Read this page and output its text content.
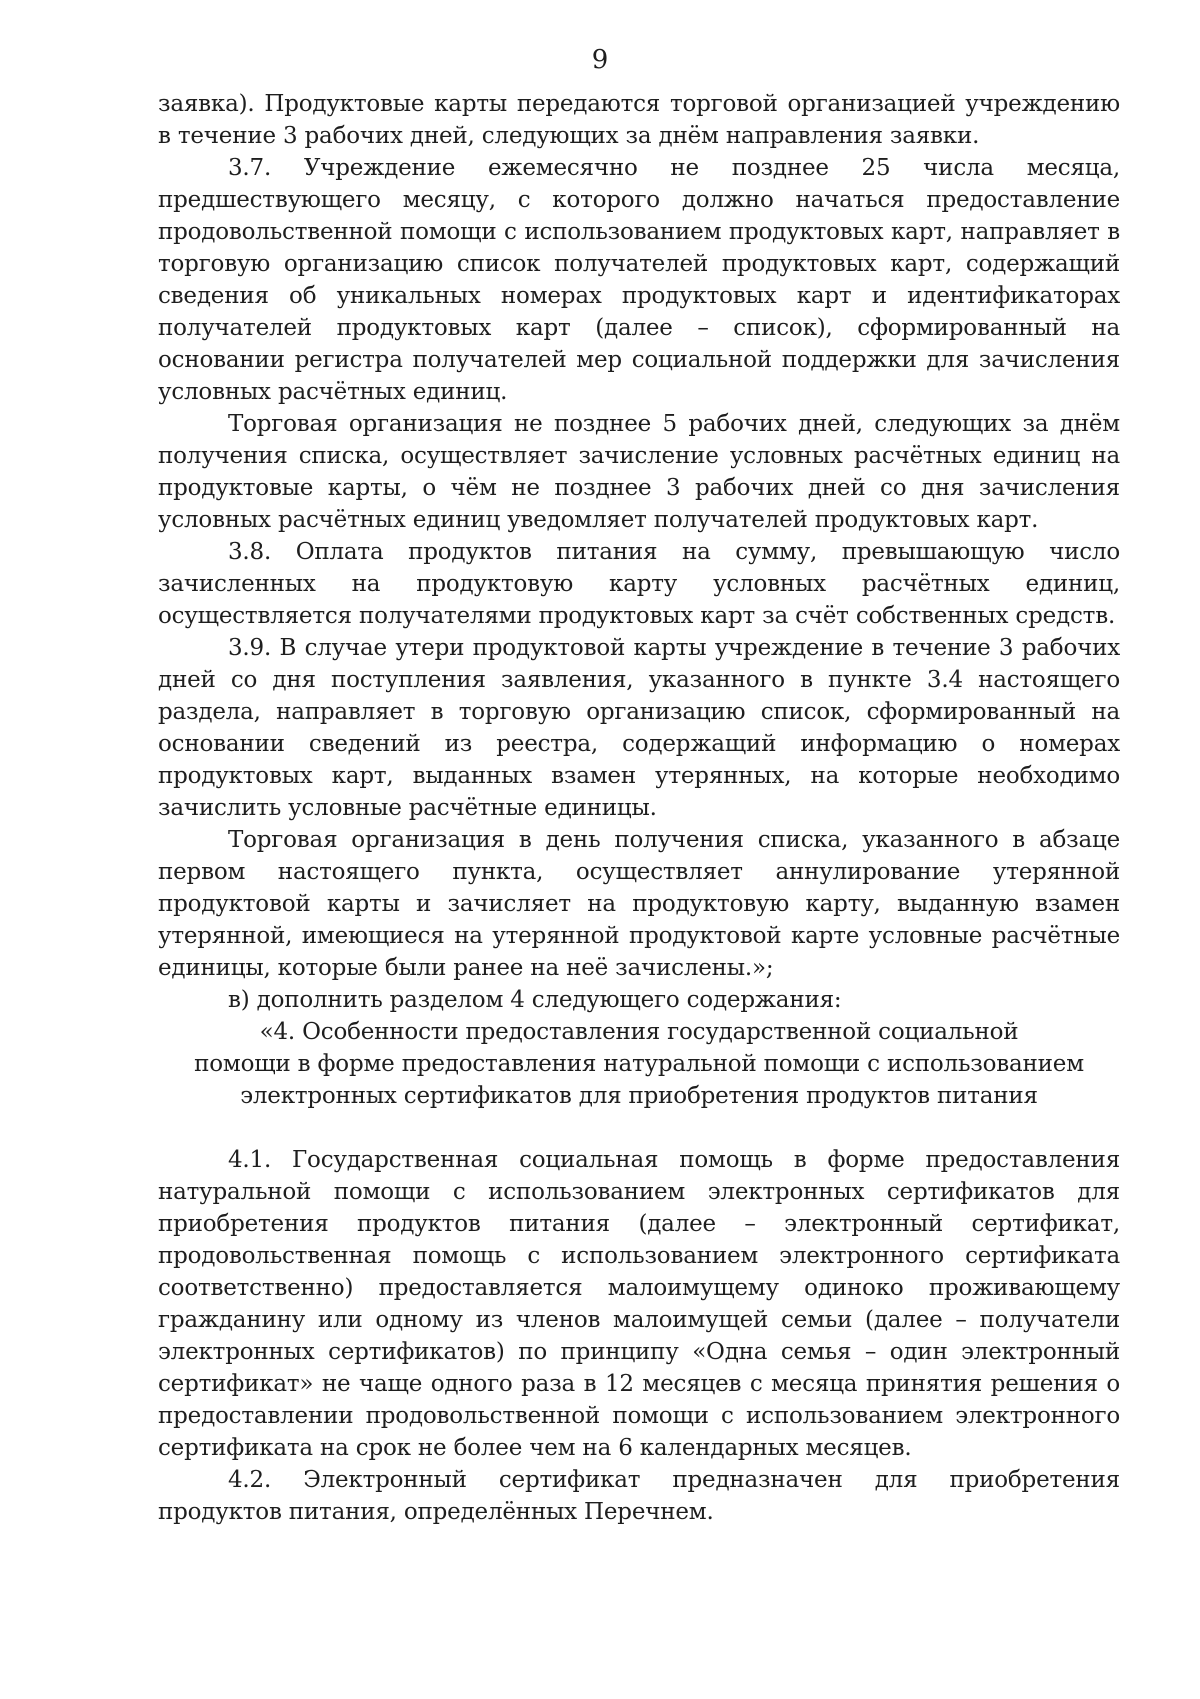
9

заявка). Продуктовые карты передаются торговой организацией учреждению в течение 3 рабочих дней, следующих за днём направления заявки.

3.7. Учреждение ежемесячно не позднее 25 числа месяца, предшествующего месяцу, с которого должно начаться предоставление продовольственной помощи с использованием продуктовых карт, направляет в торговую организацию список получателей продуктовых карт, содержащий сведения об уникальных номерах продуктовых карт и идентификаторах получателей продуктовых карт (далее – список), сформированный на основании регистра получателей мер социальной поддержки для зачисления условных расчётных единиц.

Торговая организация не позднее 5 рабочих дней, следующих за днём получения списка, осуществляет зачисление условных расчётных единиц на продуктовые карты, о чём не позднее 3 рабочих дней со дня зачисления условных расчётных единиц уведомляет получателей продуктовых карт.

3.8. Оплата продуктов питания на сумму, превышающую число зачисленных на продуктовую карту условных расчётных единиц, осуществляется получателями продуктовых карт за счёт собственных средств.

3.9. В случае утери продуктовой карты учреждение в течение 3 рабочих дней со дня поступления заявления, указанного в пункте 3.4 настоящего раздела, направляет в торговую организацию список, сформированный на основании сведений из реестра, содержащий информацию о номерах продуктовых карт, выданных взамен утерянных, на которые необходимо зачислить условные расчётные единицы.

Торговая организация в день получения списка, указанного в абзаце первом настоящего пункта, осуществляет аннулирование утерянной продуктовой карты и зачисляет на продуктовую карту, выданную взамен утерянной, имеющиеся на утерянной продуктовой карте условные расчётные единицы, которые были ранее на неё зачислены.»;

в) дополнить разделом 4 следующего содержания:

«4. Особенности предоставления государственной социальной

помощи в форме предоставления натуральной помощи с использованием

электронных сертификатов для приобретения продуктов питания

4.1. Государственная социальная помощь в форме предоставления натуральной помощи с использованием электронных сертификатов для приобретения продуктов питания (далее – электронный сертификат, продовольственная помощь с использованием электронного сертификата соответственно) предоставляется малоимущему одиноко проживающему гражданину или одному из членов малоимущей семьи (далее – получатели электронных сертификатов) по принципу «Одна семья – один электронный сертификат» не чаще одного раза в 12 месяцев с месяца принятия решения о предоставлении продовольственной помощи с использованием электронного сертификата на срок не более чем на 6 календарных месяцев.

4.2. Электронный сертификат предназначен для приобретения продуктов питания, определённых Перечнем.
